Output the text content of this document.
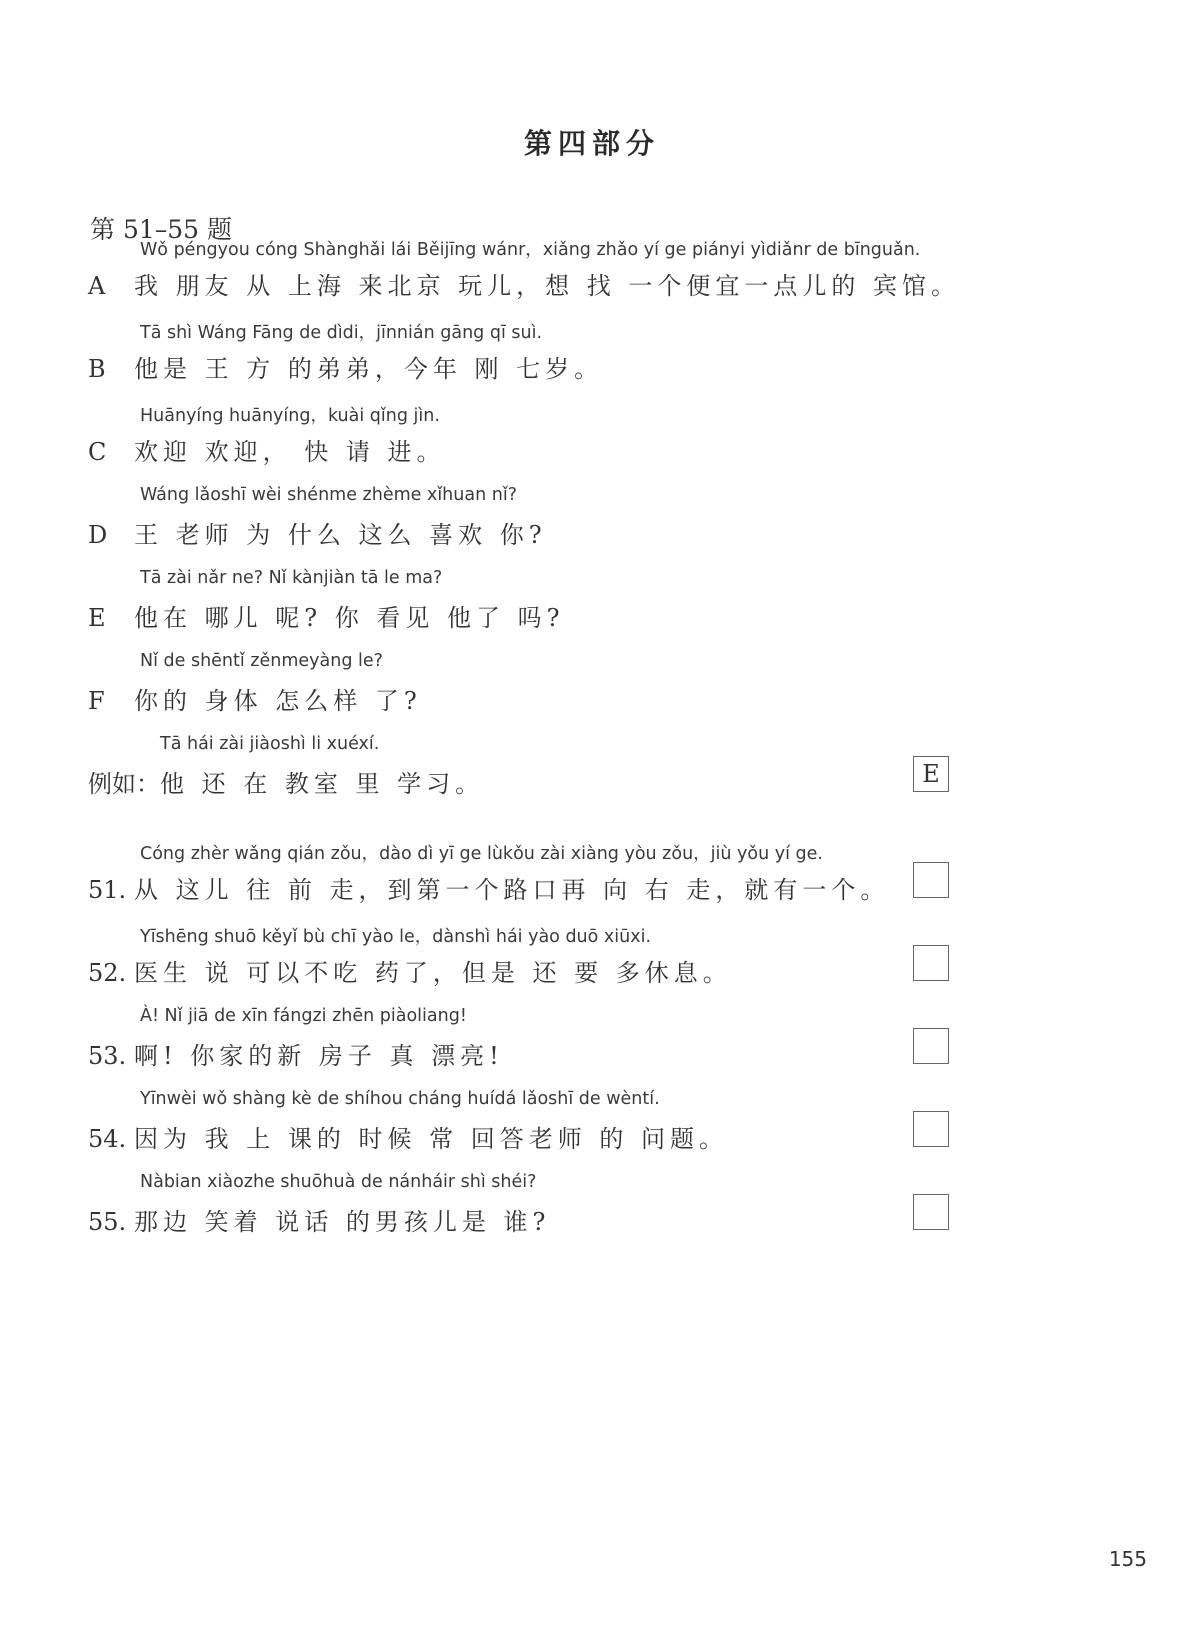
第四部分
第 51–55 题
Wǒ péngyou cóng Shànghǎi lái Běijīng wánr，xiǎng zhǎo yí ge piányi yìdiǎnr de bīnguǎn.
A 我 朋友 从 上海 来北京 玩儿，想 找 一个便宜一点儿的 宾馆。
Tā shì Wáng Fāng de dìdi，jīnnián gāng qī suì.
B 他是 王 方 的弟弟，今年 刚 七岁。
Huānyíng huānyíng，kuài qǐng jìn.
C 欢迎 欢迎， 快 请 进。
Wáng lǎoshī wèi shénme zhème xǐhuan nǐ?
D 王 老师 为 什么 这么 喜欢 你?
Tā zài nǎr ne? Nǐ kànjiàn tā le ma?
E 他在 哪儿 呢? 你 看见 他了 吗?
Nǐ de shēntǐ zěnmeyàng le?
F 你的 身体 怎么样 了?
Tā hái zài jiàoshì li xuéxí.
例如：他 还 在 教室 里 学习。	E
Cóng zhèr wǎng qián zǒu，dào dì yī ge lùkǒu zài xiàng yòu zǒu，jiù yǒu yí ge.
51. 从 这儿 往 前 走，到第一个路口再 向 右 走，就有一个。
Yīshēng shuō kěyǐ bù chī yào le，dànshì hái yào duō xiūxi.
52. 医生 说 可以不吃 药了，但是 还 要 多休息。
À! Nǐ jiā de xīn fángzi zhēn piàoliang!
53. 啊! 你家的新 房子 真 漂亮!
Yīnwèi wǒ shàng kè de shíhou cháng huídá lǎoshī de wèntí.
54. 因为 我 上 课的 时候 常 回答老师 的 问题。
Nàbian xiàozhe shuōhuà de nánháir shì shéi?
55. 那边 笑着 说话 的男孩儿是 谁?
155
